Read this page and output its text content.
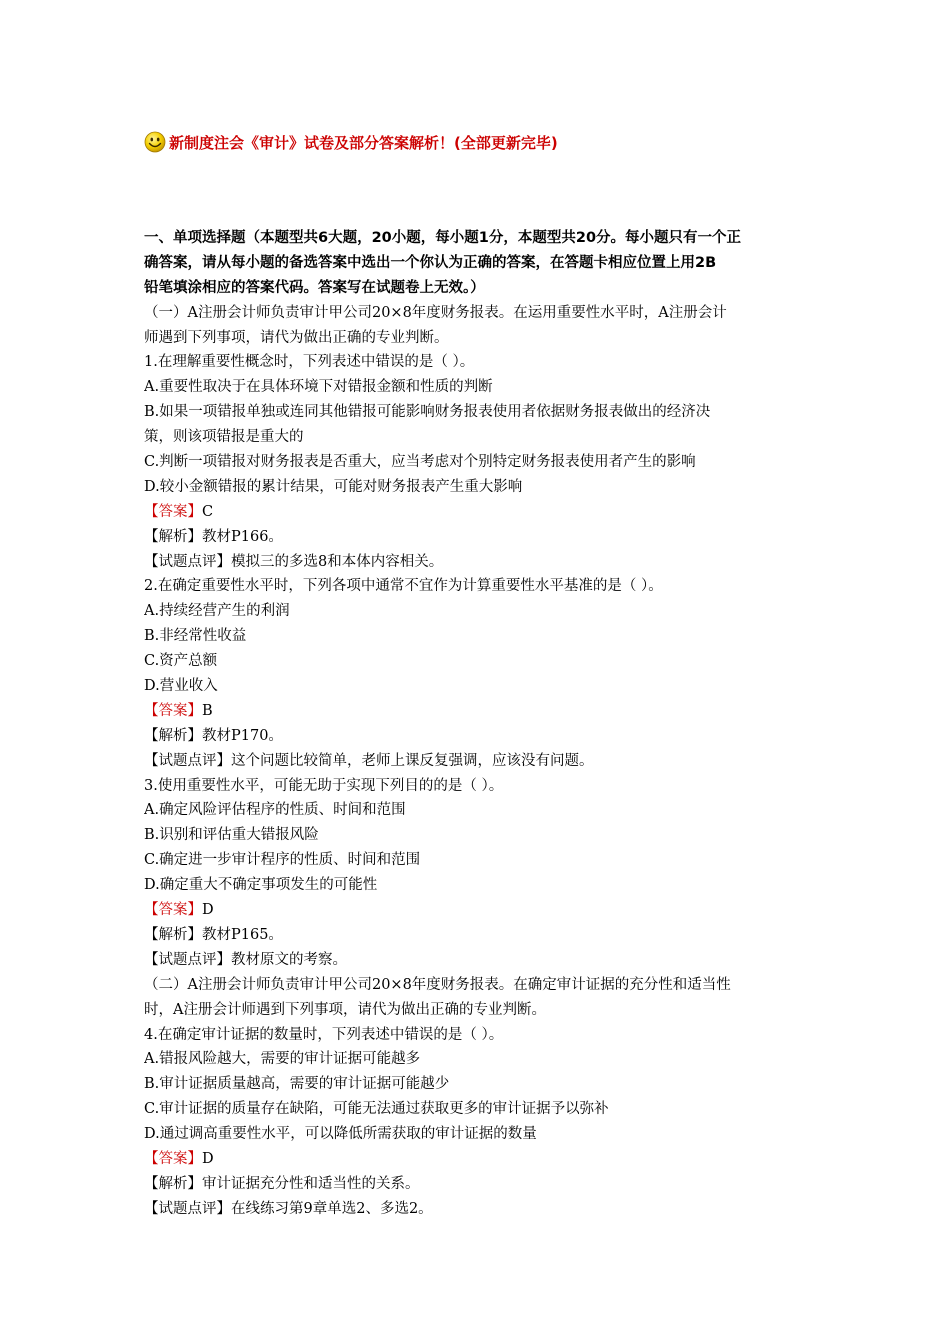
新制度注会《审计》试卷及部分答案解析！(全部更新完毕)
一、单项选择题（本题型共6大题，20小题，每小题1分，本题型共20分。每小题只有一个正
确答案，请从每小题的备选答案中选出一个你认为正确的答案，在答题卡相应位置上用2B
铅笔填涂相应的答案代码。答案写在试题卷上无效。）
（一）A注册会计师负责审计甲公司20×8年度财务报表。在运用重要性水平时，A注册会计
师遇到下列事项，请代为做出正确的专业判断。
1.在理解重要性概念时，下列表述中错误的是（ ）。
A.重要性取决于在具体环境下对错报金额和性质的判断
B.如果一项错报单独或连同其他错报可能影响财务报表使用者依据财务报表做出的经济决
策，则该项错报是重大的
C.判断一项错报对财务报表是否重大，应当考虑对个别特定财务报表使用者产生的影响
D.较小金额错报的累计结果，可能对财务报表产生重大影响
【答案】C
【解析】教材P166。
【试题点评】模拟三的多选8和本体内容相关。
2.在确定重要性水平时，下列各项中通常不宜作为计算重要性水平基准的是（ ）。
A.持续经营产生的利润
B.非经常性收益
C.资产总额
D.营业收入
【答案】B
【解析】教材P170。
【试题点评】这个问题比较简单，老师上课反复强调，应该没有问题。
3.使用重要性水平，可能无助于实现下列目的的是（ ）。
A.确定风险评估程序的性质、时间和范围
B.识别和评估重大错报风险
C.确定进一步审计程序的性质、时间和范围
D.确定重大不确定事项发生的可能性
【答案】D
【解析】教材P165。
【试题点评】教材原文的考察。
（二）A注册会计师负责审计甲公司20×8年度财务报表。在确定审计证据的充分性和适当性
时，A注册会计师遇到下列事项，请代为做出正确的专业判断。
4.在确定审计证据的数量时，下列表述中错误的是（ ）。
A.错报风险越大，需要的审计证据可能越多
B.审计证据质量越高，需要的审计证据可能越少
C.审计证据的质量存在缺陷，可能无法通过获取更多的审计证据予以弥补
D.通过调高重要性水平，可以降低所需获取的审计证据的数量
【答案】D
【解析】审计证据充分性和适当性的关系。
【试题点评】在线练习第9章单选2、多选2。
